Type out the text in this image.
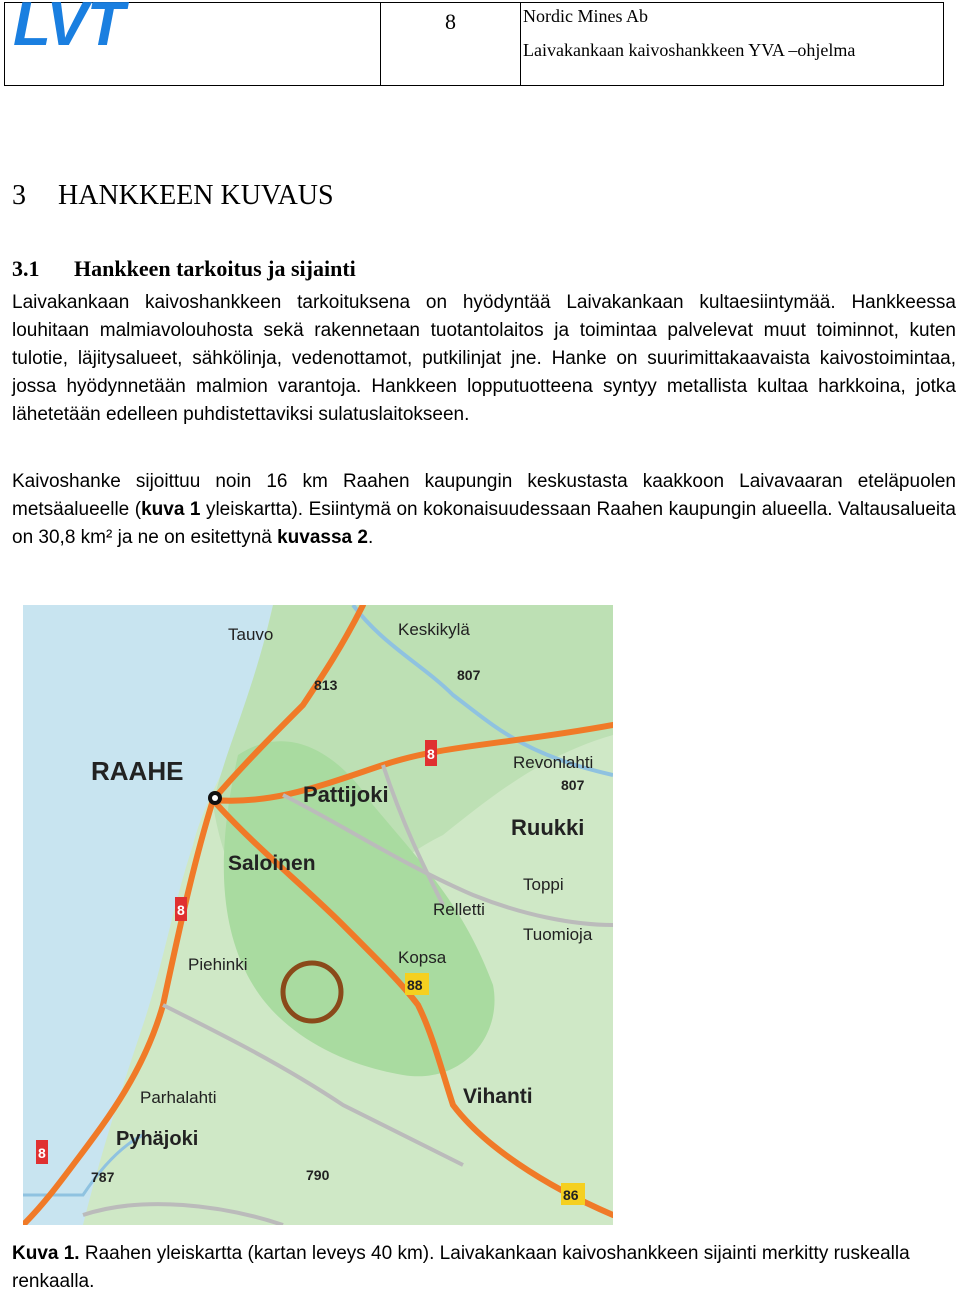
LVT	8	Nordic Mines Ab
Laivakankaan kaivoshankkeen YVA –ohjelma
3 HANKKEEN KUVAUS
3.1 Hankkeen tarkoitus ja sijainti
Laivakankaan kaivoshankkeen tarkoituksena on hyödyntää Laivakankaan kultaesiintymää. Hankkeessa louhitaan malmiavolouhosta sekä rakennetaan tuotantolaitos ja toimintaa palvelevat muut toiminnot, kuten tulotie, läjitysalueet, sähkölinja, vedenottamot, putkilinjat jne. Hanke on suurimittakaavaista kaivostoimintaa, jossa hyödynnetään malmion varantoja. Hankkeen lopputuotteena syntyy metallista kultaa harkkoina, jotka lähetetään edelleen puhdistettaviksi sulatuslaitokseen.
Kaivoshanke sijoittuu noin 16 km Raahen kaupungin keskustasta kaakkoon Laivavaaran eteläpuolen metsäalueelle (kuva 1 yleiskartta). Esiintymä on kokonaisuudessaan Raahen kaupungin alueella. Valtausalueita on 30,8 km² ja ne on esitettynä kuvassa 2.
Tauvo	Keskikylä
RAAHE
Pattijoki
Revonlahti
Ruukki
Saloinen
Toppi
Relletti
Tuomioja
Piehinki	Kopsa
Parhalahti	Vihanti
Pyhäjoki
813
807
8
807
8
88
8
787	790
86
Kuva 1. Raahen yleiskartta (kartan leveys 40 km). Laivakankaan kaivoshankkeen sijainti merkitty ruskealla renkaalla.
